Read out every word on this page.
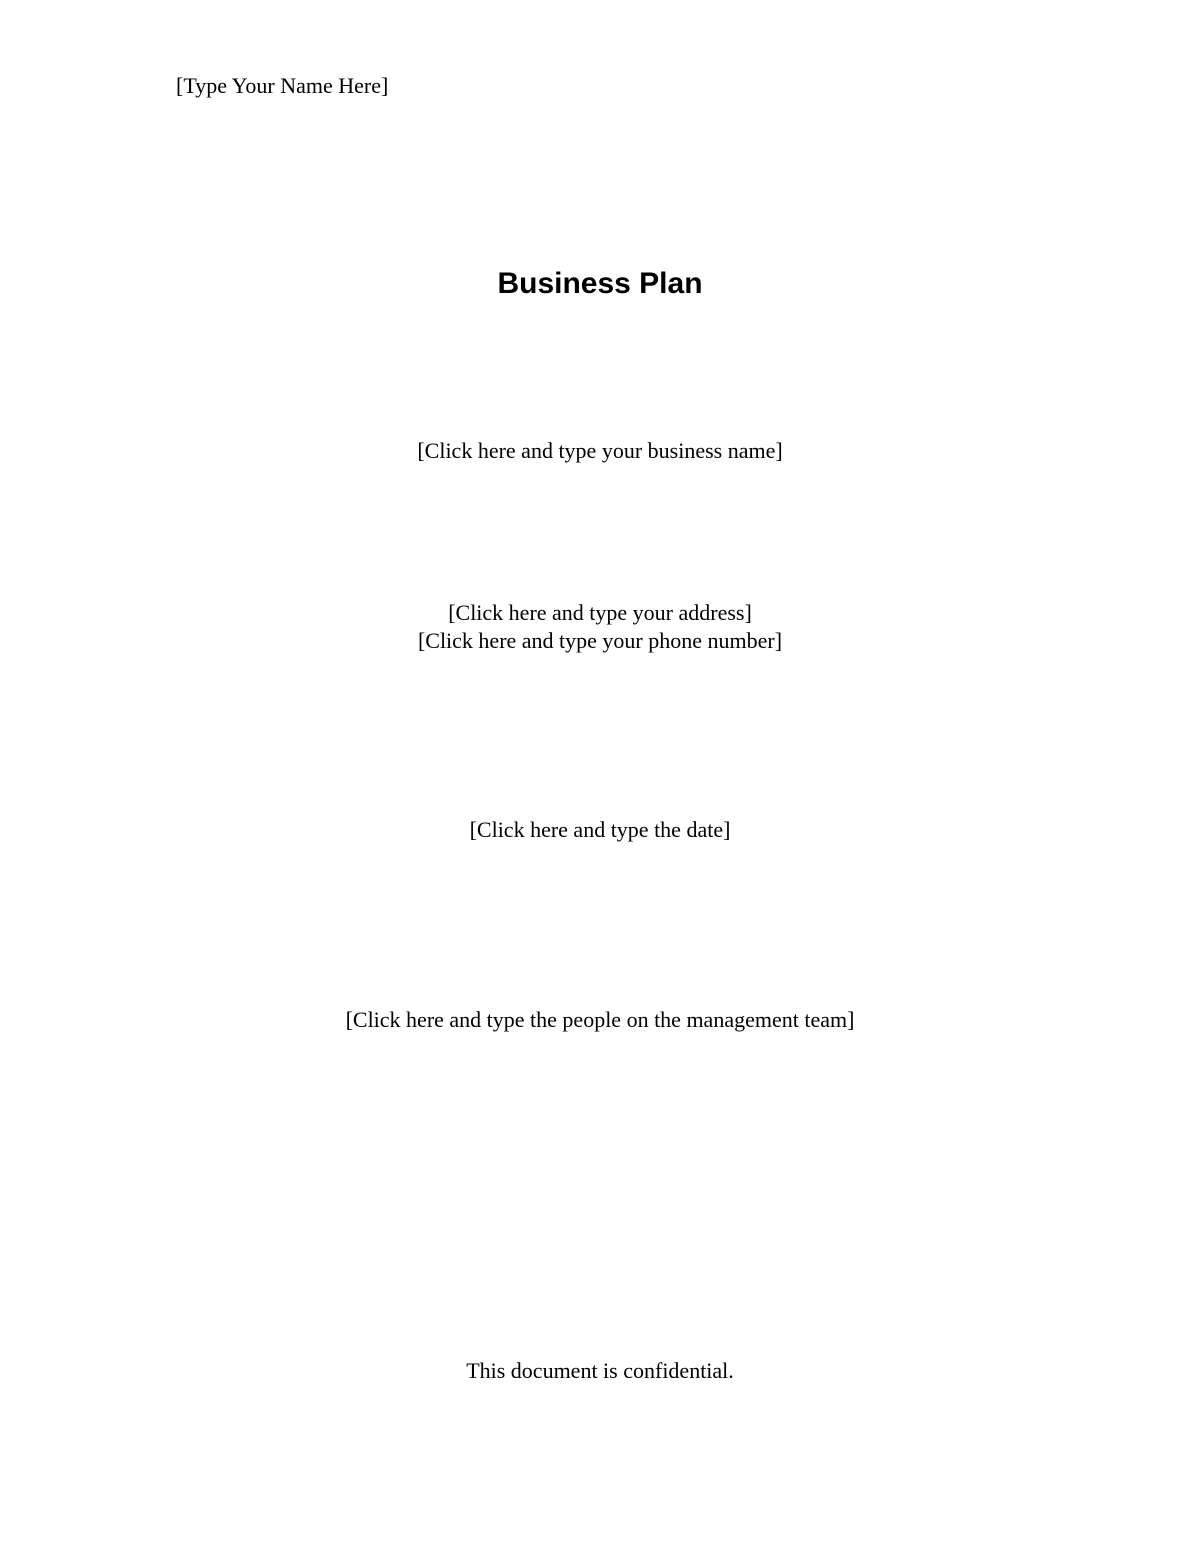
[Type Your Name Here]
Business Plan
[Click here and type your business name]
[Click here and type your address]
[Click here and type your phone number]
[Click here and type the date]
[Click here and type the people on the management team]
This document is confidential.
